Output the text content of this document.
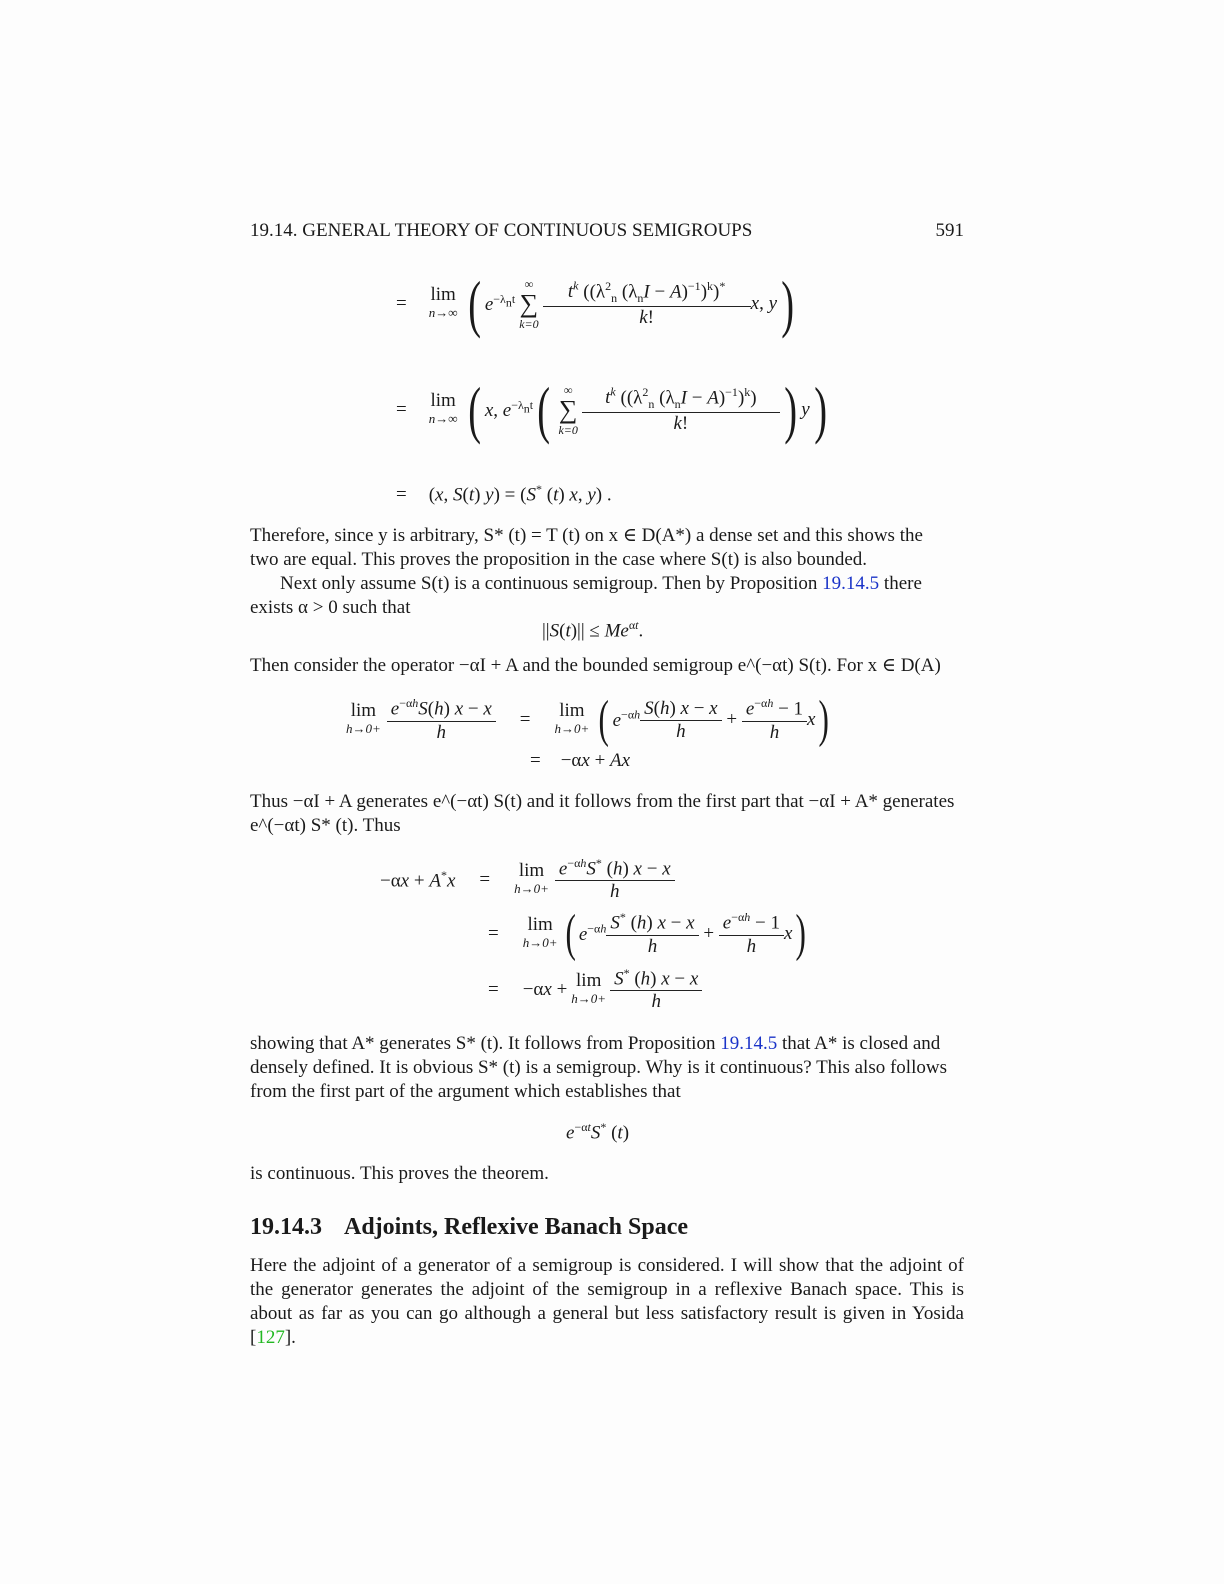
19.14. GENERAL THEORY OF CONTINUOUS SEMIGROUPS	591
= lim
n→∞ ( $e^{-\lambda_nt}$
∞
∑
$k=0 \frac{t^k ((\lambda^2_n (\lambda_nI - A)^{-1})^k)^*}{k!} x$, y)
= lim
n→∞ ( x, $e^{-\lambda_nt}$(	∞
∑
$k=0 \frac{t^k ((\lambda^2_n (\lambda_nI - A)^{-1})^k)}{k!}$ ) y)
= (x, S(t) y) = (S* (t) x, y) .
Therefore, since y is arbitrary, S* (t) = T (t) on x ∈ D(A*) a dense set and this shows the
two are equal. This proves the proposition in the case where S(t) is also bounded.
Next only assume S(t) is a continuous semigroup. Then by Proposition 19.14.5 there
exists α > 0 such that
$||S(t)|| \le Me^{\alpha t}$.
Then consider the operator −αI + A and the bounded semigroup e^(−αt) S(t). For x ∈ D(A)
lim
$h\to 0+ \frac{e^{-\alpha h}S(h) x - x}{h} = \lim$
h→0+ ( $e^{-\alpha h} \frac{S(h) x - x}{h} + \frac{e^{-\alpha h} - 1}{h} x$)
= −αx + Ax
Thus −αI + A generates e^(−αt) S(t) and it follows from the first part that −αI + A* generates
e^(−αt) S* (t). Thus
−αx + A*x = lim
$h\to 0+ \frac{e^{-\alpha h}S^* (h) x - x}{h}$
= lim
h→0+ ( $e^{-\alpha h} \frac{S^* (h) x - x}{h} + \frac{e^{-\alpha h} - 1}{h} x$)
= −αx +lim
$h\to 0+ \frac{S^* (h) x - x}{h}$
showing that A* generates S* (t). It follows from Proposition 19.14.5 that A* is closed and
densely defined. It is obvious S* (t) is a semigroup. Why is it continuous? This also follows
from the first part of the argument which establishes that
$e^{-\alpha t}S^*$ (t)
is continuous. This proves the theorem.
19.14.3 Adjoints, Reflexive Banach Space
Here the adjoint of a generator of a semigroup is considered. I will show that the adjoint of the generator generates the adjoint of the semigroup in a reflexive Banach space. This is about as far as you can go although a general but less satisfactory result is given in Yosida [127].
